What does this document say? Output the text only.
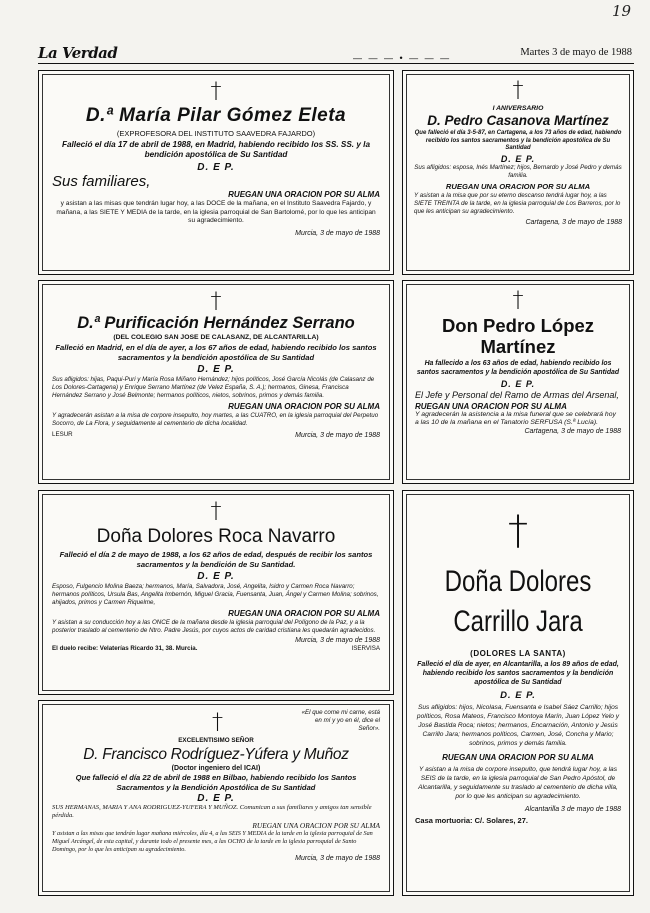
19
La Verdad	— — — • — — —	Martes 3 de mayo de 1988
†
D.ª María Pilar Gómez Eleta

(EXPROFESORA DEL INSTITUTO SAAVEDRA FAJARDO)

Falleció el día 17 de abril de 1988, en Madrid, habiendo recibido los SS. SS. y la bendición apostólica de Su Santidad

D. E P.

Sus familiares,

RUEGAN UNA ORACION POR SU ALMA

y asistan a las misas que tendrán lugar hoy, a las DOCE de la mañana, en el Instituto Saavedra Fajardo, y mañana, a las SIETE Y MEDIA de la tarde, en la iglesia parroquial de San Bartolomé, por lo que les anticipan su agradecimiento.

Murcia, 3 de mayo de 1988

†
D.ª Purificación Hernández Serrano

(DEL COLEGIO SAN JOSE DE CALASANZ, DE ALCANTARILLA)

Falleció en Madrid, en el día de ayer, a los 67 años de edad, habiendo recibido los santos sacramentos y la bendición apostólica de Su Santidad

D. E P.

Sus afligidos: hijas, Paqui-Puri y María Rosa Miñano Hernández; hijos políticos, José García Nicolás (de Calasanz de Los Dolores-Cartagena) y Enrique Serrano Martínez (de Velez España, S. A.); hermanos, Ginesa, Francisca Hernández Serrano y José Belmonte; hermanos políticos, nietos, sobrinos, primos y demás familia.

RUEGAN UNA ORACION POR SU ALMA

Y agradecerán asistan a la misa de corpore insepulto, hoy martes, a las CUATRO, en la iglesia parroquial del Perpetuo Socorro, de La Flora, y seguidamente al cementerio de dicha localidad.

LESUR	Murcia, 3 de mayo de 1988
†
Doña Dolores Roca Navarro

Falleció el día 2 de mayo de 1988, a los 62 años de edad, después de recibir los santos sacramentos y la bendición de Su Santidad.

D. E P.

Esposo, Fulgencio Molina Baeza; hermanos, María, Salvadora, José, Angelita, Isidro y Carmen Roca Navarro; hermanos políticos, Ursula Bas, Angelita Imbernón, Miguel Gracia, Fuensanta, Juan, Ángel y Carmen Molina; sobrinos, ahijados, primos y Carmen Riquelme,

RUEGAN UNA ORACION POR SU ALMA

Y asistan a su conducción hoy a las ONCE de la mañana desde la iglesia parroquial del Polígono de la Paz, y a la posterior traslado al cementerio de Ntro. Padre Jesús, por cuyos actos de caridad cristiana les quedarán agradecidos.

Murcia, 3 de mayo de 1988

El duelo recibe: Velaterías Ricardo 31, 38. Murcia.	ISERVISA
†	«El que come mi carne, está en mí y yo en él, dice el Señor».

EXCELENTISIMO SEÑOR

D. Francisco Rodríguez-Yúfera y Muñoz

(Doctor ingeniero del ICAI)

Que falleció el día 22 de abril de 1988 en Bilbao, habiendo recibido los Santos Sacramentos y la Bendición Apostólica de Su Santidad

D. E P.

SUS HERMANAS, MARIA Y ANA RODRIGUEZ-YUFERA Y MUÑOZ. Comunican a sus familiares y amigos tan sensible pérdida.

RUEGAN UNA ORACION POR SU ALMA

Y asistan a las misas que tendrán lugar mañana miércoles, día 4, a las SEIS Y MEDIA de la tarde en la iglesia parroquial de San Miguel Arcángel, de esta capital, y durante todo el presente mes, a las OCHO de la tarde en la iglesia parroquial de Santo Domingo, por lo que les anticipan su agradecimiento.

Murcia, 3 de mayo de 1988

†

I ANIVERSARIO

D. Pedro Casanova Martínez

Que falleció el día 3-5-87, en Cartagena, a los 73 años de edad, habiendo recibido los santos sacramentos y la bendición apostólica de Su Santidad

D. E P.

Sus afligidos: esposa, Inés Martínez; hijos, Bernardo y José Pedro y demás familia.

RUEGAN UNA ORACION POR SU ALMA

Y asistan a la misa que por su eterno descanso tendrá lugar hoy, a las SIETE TREINTA de la tarde, en la iglesia parroquial de Los Barreros, por lo que les anticipan su agradecimiento.

Cartagena, 3 de mayo de 1988

†
Don Pedro López
Martínez

Ha fallecido a los 63 años de edad, habiendo recibido los santos sacramentos y la bendición apostólica de Su Santidad

D. E P.

El Jefe y Personal del Ramo de Armas del Arsenal,

RUEGAN UNA ORACION POR SU ALMA

Y agradecerán la asistencia a la misa funeral que se celebrará hoy a las 10 de la mañana en el Tanatorio SERFUSA (S.ª Lucía).

Cartagena, 3 de mayo de 1988

†
Doña Dolores
Carrillo Jara

(DOLORES LA SANTA)

Falleció el día de ayer, en Alcantarilla, a los 89 años de edad, habiendo recibido los santos sacramentos y la bendición apostólica de Su Santidad

D. E P.

Sus afligidos: hijos, Nicolasa, Fuensanta e Isabel Sáez Carrillo; hijos políticos, Rosa Mateos, Francisco Montoya Marín, Juan López Yelo y José Bastida Roca; nietos; hermanos, Encarnación, Antonio y Jesús Carrillo Jara; hermanos políticos, Carmen, José, Concha y Mario; sobrinos, primos y demás familia.

RUEGAN UNA ORACION POR SU ALMA

Y asistan a la misa de corpore insepulto, que tendrá lugar hoy, a las SEIS de la tarde, en la iglesia parroquial de San Pedro Apóstol, de Alcantarilla, y seguidamente su traslado al cementerio de dicha villa, por lo que les anticipan su agradecimiento.

Alcantarilla 3 de mayo de 1988

Casa mortuoria: C/. Solares, 27.
